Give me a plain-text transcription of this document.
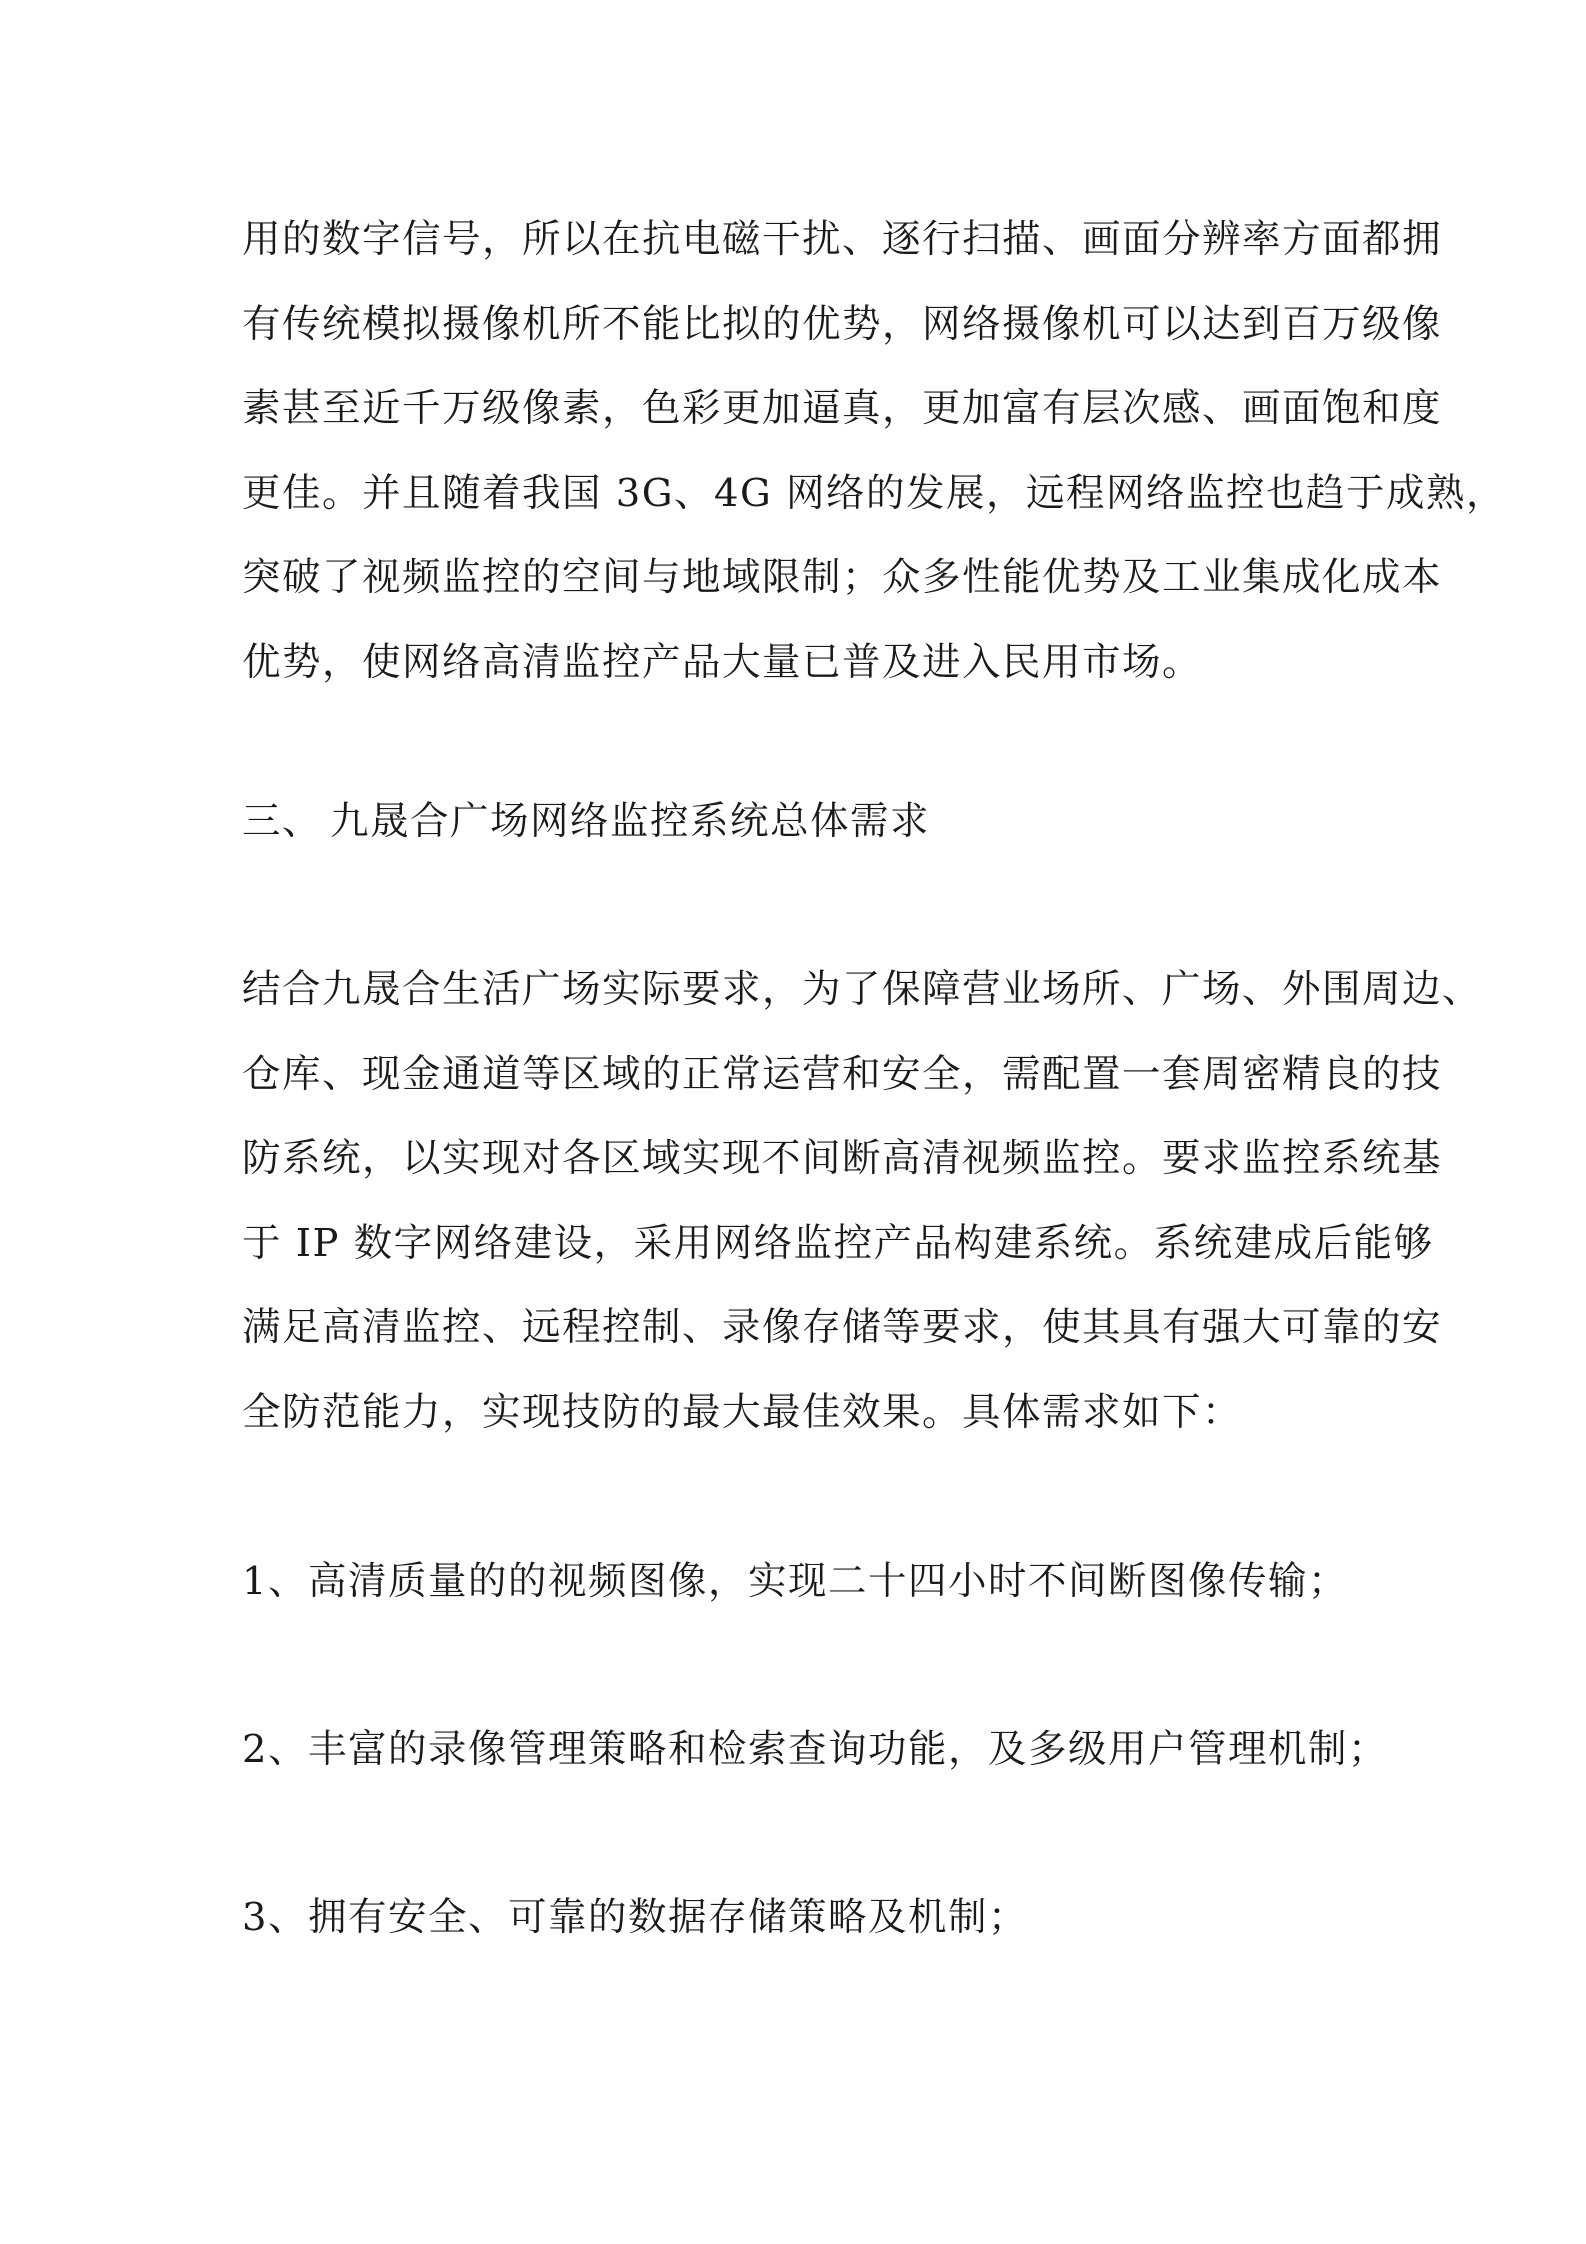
用的数字信号，所以在抗电磁干扰、逐行扫描、画面分辨率方面都拥
有传统模拟摄像机所不能比拟的优势，网络摄像机可以达到百万级像
素甚至近千万级像素，色彩更加逼真，更加富有层次感、画面饱和度
更佳。并且随着我国 3G、4G 网络的发展，远程网络监控也趋于成熟，
突破了视频监控的空间与地域限制；众多性能优势及工业集成化成本
优势，使网络高清监控产品大量已普及进入民用市场。
三、 九晟合广场网络监控系统总体需求
结合九晟合生活广场实际要求，为了保障营业场所、广场、外围周边、
仓库、现金通道等区域的正常运营和安全，需配置一套周密精良的技
防系统，以实现对各区域实现不间断高清视频监控。要求监控系统基
于 IP 数字网络建设，采用网络监控产品构建系统。系统建成后能够
满足高清监控、远程控制、录像存储等要求，使其具有强大可靠的安
全防范能力，实现技防的最大最佳效果。具体需求如下：
1、高清质量的的视频图像，实现二十四小时不间断图像传输；
2、丰富的录像管理策略和检索查询功能，及多级用户管理机制；
3、拥有安全、可靠的数据存储策略及机制；
